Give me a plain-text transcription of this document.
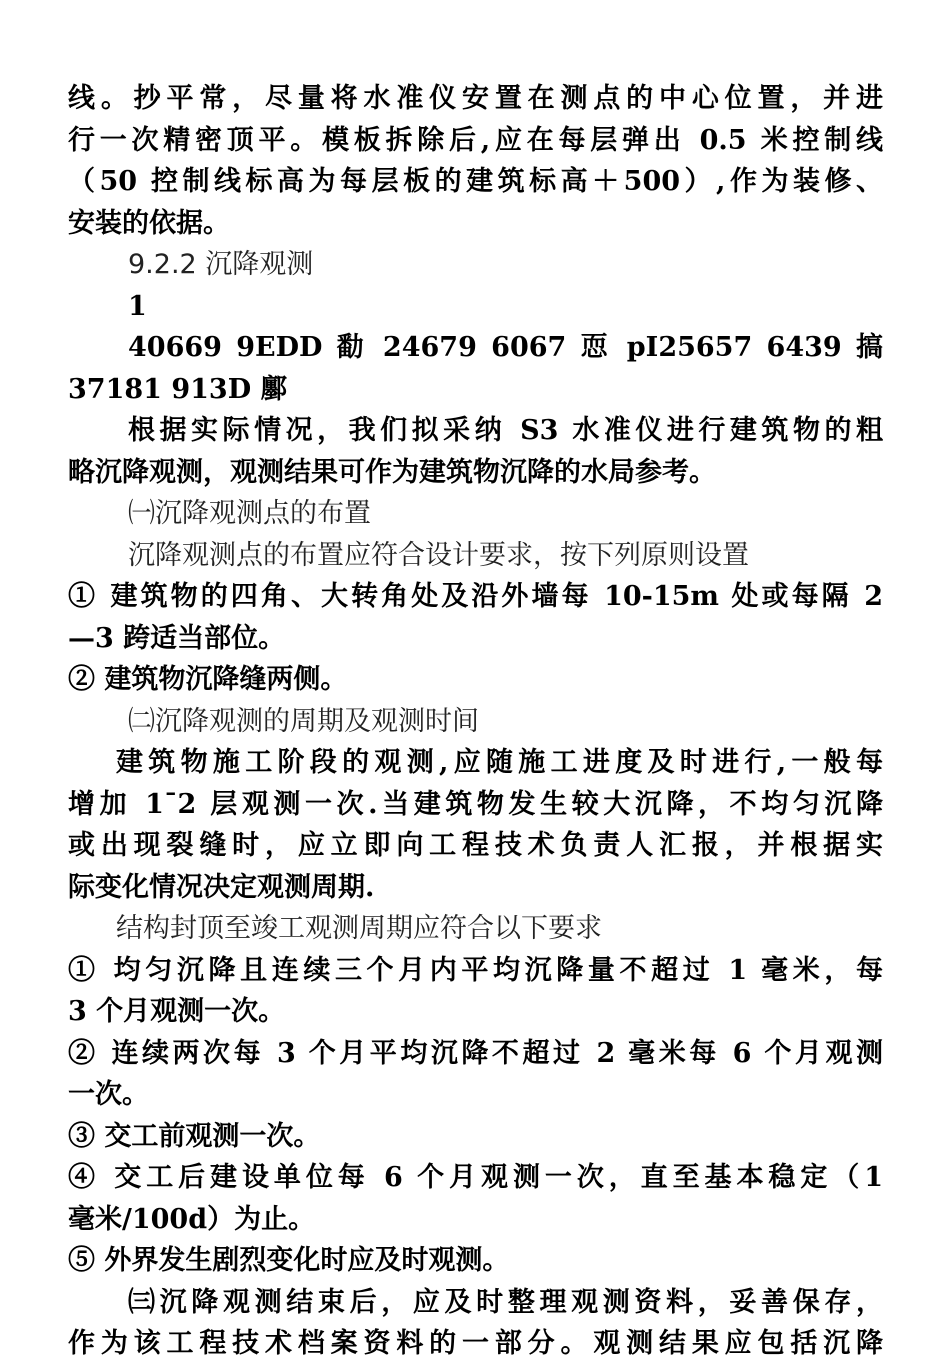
线。抄平常，尽量将水准仪安置在测点的中心位置，并进
行一次精密顶平。模板拆除后,应在每层弹出 0.5 米控制线
（50 控制线标高为每层板的建筑标高＋500）,作为装修、
安装的依据。
9.2.2 沉降观测
1
40669 9EDD 勫 24679 6067 恧 pI25657 6439 搞
37181 913D 鄽
根据实际情况，我们拟采纳 S3 水准仪进行建筑物的粗
略沉降观测，观测结果可作为建筑物沉降的水局参考。
㈠沉降观测点的布置
沉降观测点的布置应符合设计要求，按下列原则设置
① 建筑物的四角、大转角处及沿外墙每 10-15m 处或每隔 2
—3 跨适当部位。
② 建筑物沉降缝两侧。
㈡沉降观测的周期及观测时间
建筑物施工阶段的观测,应随施工进度及时进行,一般每
增加 1¯2 层观测一次.当建筑物发生较大沉降，不均匀沉降
或出现裂缝时，应立即向工程技术负责人汇报，并根据实
际变化情况决定观测周期.
结构封顶至竣工观测周期应符合以下要求
① 均匀沉降且连续三个月内平均沉降量不超过 1 毫米，每
3 个月观测一次。
② 连续两次每 3 个月平均沉降不超过 2 毫米每 6 个月观测
一次。
③ 交工前观测一次。
④ 交工后建设单位每 6 个月观测一次，直至基本稳定（1
毫米/100d）为止。
⑤ 外界发生剧烈变化时应及时观测。
㈢沉降观测结束后，应及时整理观测资料，妥善保存，
作为该工程技术档案资料的一部分。观测结果应包括沉降
